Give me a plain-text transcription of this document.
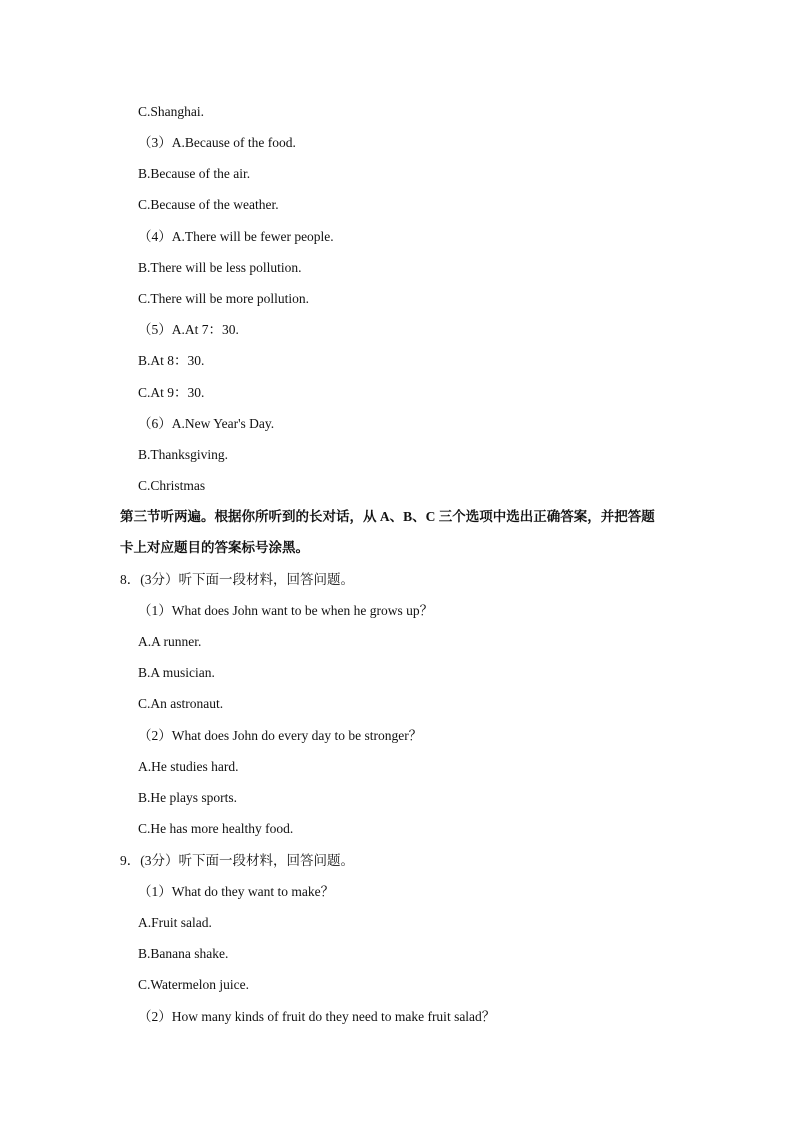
C.Shanghai.
（3）A.Because of the food.
B.Because of the air.
C.Because of the weather.
（4）A.There will be fewer people.
B.There will be less pollution.
C.There will be more pollution.
（5）A.At 7：30.
B.At 8：30.
C.At 9：30.
（6）A.New Year's Day.
B.Thanksgiving.
C.Christmas
第三节听两遍。根据你所听到的长对话，从 A、B、C 三个选项中选出正确答案，并把答题
卡上对应题目的答案标号涂黑。
8．(3分）听下面一段材料，回答问题。
（1）What does John want to be when he grows up？
A.A runner.
B.A musician.
C.An astronaut.
（2）What does John do every day to be stronger？
A.He studies hard.
B.He plays sports.
C.He has more healthy food.
9．(3分）听下面一段材料，回答问题。
（1）What do they want to make？
A.Fruit salad.
B.Banana shake.
C.Watermelon juice.
（2）How many kinds of fruit do they need to make fruit salad？
